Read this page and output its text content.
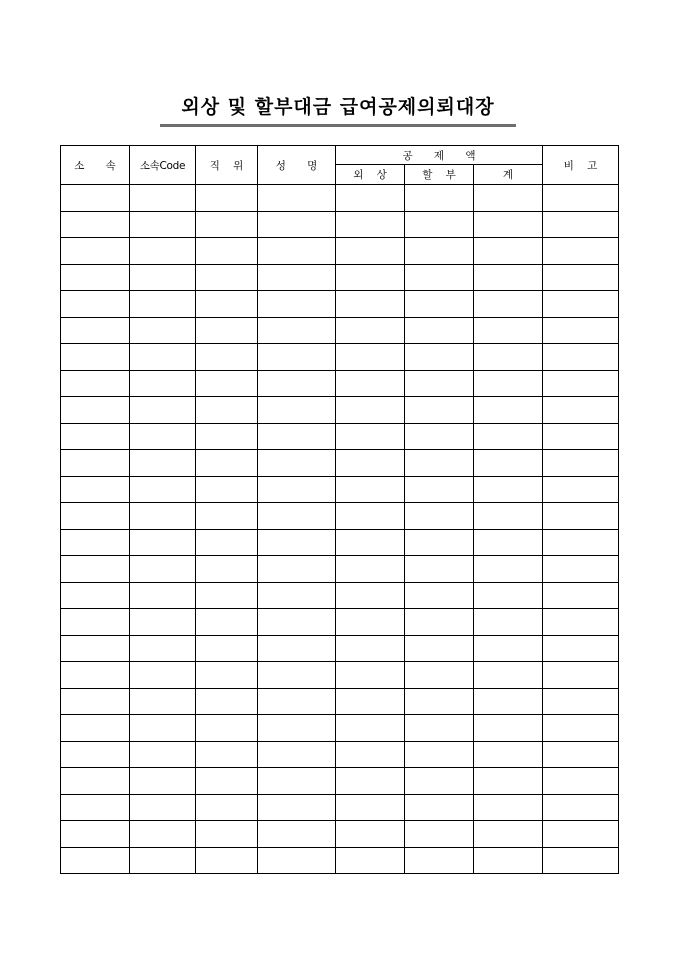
외상 및 할부대금 급여공제의뢰대장
소 속	소속Code	직 위	성 명	공 제 액			비 고
				외 상	할 부	계	
